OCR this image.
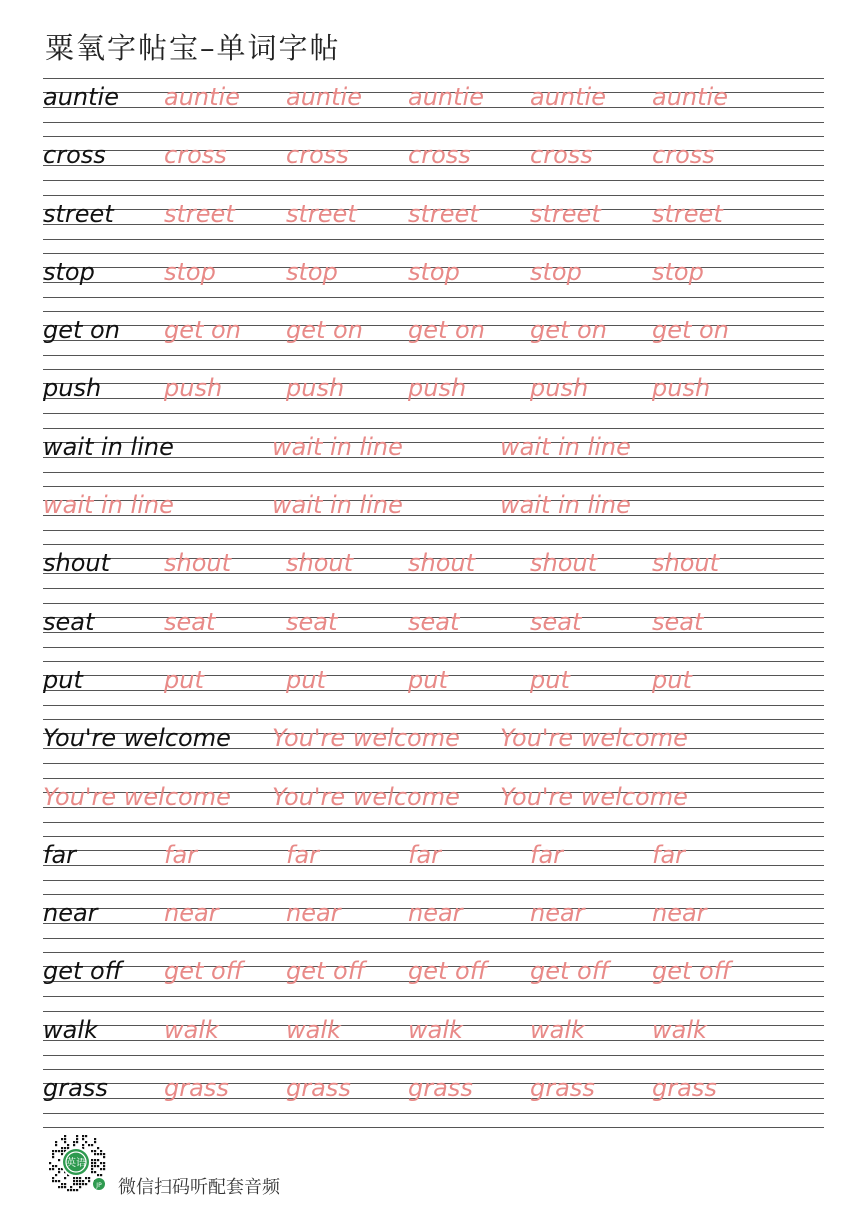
粟氧字帖宝–单词字帖
auntie auntie auntie auntie auntie auntie
cross cross cross cross cross cross
street street street street street street
stop	stop	stop	stop	stop	stop
get on get on get on get on get on get on
push	push	push	push	push	push
wait in line	wait in line	wait in line
wait in line	wait in line	wait in line
shout shout shout shout shout shout
seat	seat	seat	seat	seat	seat
put	put	put	put	put	put
You're welcome You're welcome You're welcome
You're welcome You're welcome You're welcome
far	far	far	far	far	far
near	near	near	near	near	near
get off get off get off get off get off get off
walk	walk	walk	walk	walk	walk
grass grass grass grass grass grass
英语
JP 微信扫码听配套音频
